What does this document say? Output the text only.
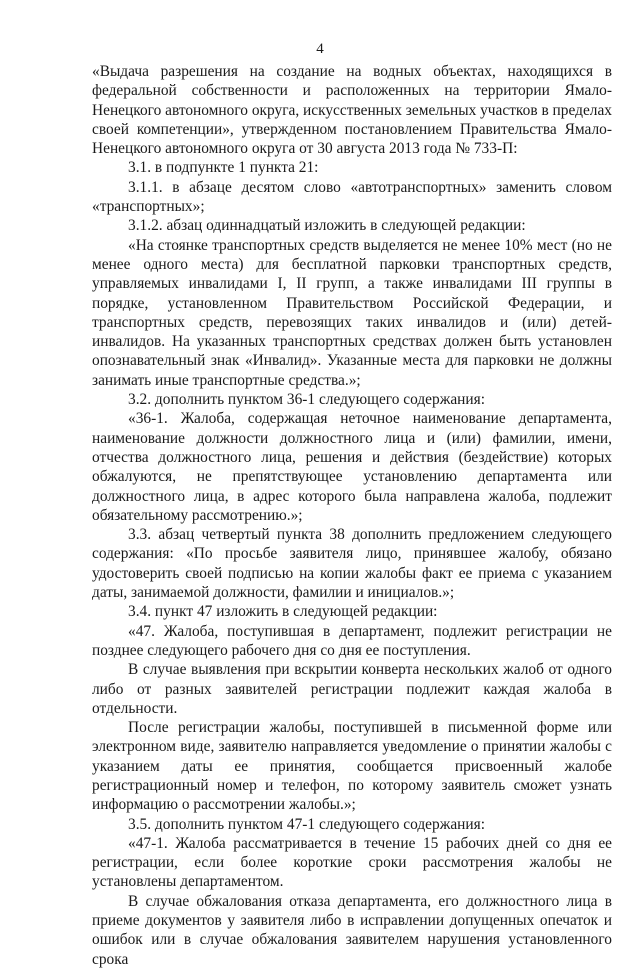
4

«Выдача разрешения на создание на водных объектах, находящихся в федеральной собственности и расположенных на территории Ямало-Ненецкого автономного округа, искусственных земельных участков в пределах своей компетенции», утвержденном постановлением Правительства Ямало-Ненецкого автономного округа от 30 августа 2013 года № 733-П:

3.1. в подпункте 1 пункта 21:

3.1.1. в абзаце десятом слово «автотранспортных» заменить словом «транспортных»;

3.1.2. абзац одиннадцатый изложить в следующей редакции:

«На стоянке транспортных средств выделяется не менее 10% мест (но не менее одного места) для бесплатной парковки транспортных средств, управляемых инвалидами I, II групп, а также инвалидами III группы в порядке, установленном Правительством Российской Федерации, и транспортных средств, перевозящих таких инвалидов и (или) детей-инвалидов. На указанных транспортных средствах должен быть установлен опознавательный знак «Инвалид». Указанные места для парковки не должны занимать иные транспортные средства.»;

3.2. дополнить пунктом 36-1 следующего содержания:

«36-1. Жалоба, содержащая неточное наименование департамента, наименование должности должностного лица и (или) фамилии, имени, отчества должностного лица, решения и действия (бездействие) которых обжалуются, не препятствующее установлению департамента или должностного лица, в адрес которого была направлена жалоба, подлежит обязательному рассмотрению.»;

3.3. абзац четвертый пункта 38 дополнить предложением следующего содержания: «По просьбе заявителя лицо, принявшее жалобу, обязано удостоверить своей подписью на копии жалобы факт ее приема с указанием даты, занимаемой должности, фамилии и инициалов.»;

3.4. пункт 47 изложить в следующей редакции:

«47. Жалоба, поступившая в департамент, подлежит регистрации не позднее следующего рабочего дня со дня ее поступления.

В случае выявления при вскрытии конверта нескольких жалоб от одного либо от разных заявителей регистрации подлежит каждая жалоба в отдельности.

После регистрации жалобы, поступившей в письменной форме или электронном виде, заявителю направляется уведомление о принятии жалобы с указанием даты ее принятия, сообщается присвоенный жалобе регистрационный номер и телефон, по которому заявитель сможет узнать информацию о рассмотрении жалобы.»;

3.5. дополнить пунктом 47-1 следующего содержания:

«47-1. Жалоба рассматривается в течение 15 рабочих дней со дня ее регистрации, если более короткие сроки рассмотрения жалобы не установлены департаментом.

В случае обжалования отказа департамента, его должностного лица в приеме документов у заявителя либо в исправлении допущенных опечаток и ошибок или в случае обжалования заявителем нарушения установленного срока
